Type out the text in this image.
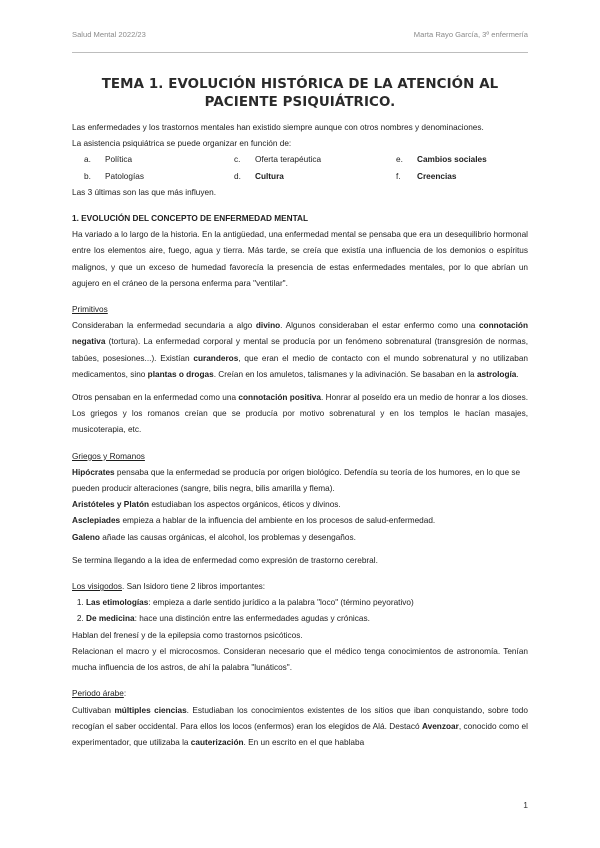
Salud Mental 2022/23	Marta Rayo García, 3º enfermería
TEMA 1. EVOLUCIÓN HISTÓRICA DE LA ATENCIÓN AL PACIENTE PSIQUIÁTRICO.

Las enfermedades y los trastornos mentales han existido siempre aunque con otros nombres y denominaciones.

La asistencia psiquiátrica se puede organizar en función de:

a. Política	c. Oferta terapéutica	e. Cambios sociales
b. Patologías	d. Cultura	f. Creencias

Las 3 últimas son las que más influyen.

1. EVOLUCIÓN DEL CONCEPTO DE ENFERMEDAD MENTAL

Ha variado a lo largo de la historia. En la antigüedad, una enfermedad mental se pensaba que era un desequilibrio hormonal entre los elementos aire, fuego, agua y tierra. Más tarde, se creía que existía una influencia de los demonios o espíritus malignos, y que un exceso de humedad favorecía la presencia de estas enfermedades mentales, por lo que abrían un agujero en el cráneo de la persona enferma para "ventilar".

Primitivos

Consideraban la enfermedad secundaria a algo divino. Algunos consideraban el estar enfermo como una connotación negativa (tortura). La enfermedad corporal y mental se producía por un fenómeno sobrenatural (transgresión de normas, tabúes, posesiones...). Existían curanderos, que eran el medio de contacto con el mundo sobrenatural y no utilizaban medicamentos, sino plantas o drogas. Creían en los amuletos, talismanes y la adivinación. Se basaban en la astrología.

Otros pensaban en la enfermedad como una connotación positiva. Honrar al poseído era un medio de honrar a los dioses. Los griegos y los romanos creían que se producía por motivo sobrenatural y en los templos le hacían masajes, musicoterapia, etc.

Griegos y Romanos

Hipócrates pensaba que la enfermedad se producía por origen biológico. Defendía su teoría de los humores, en lo que se pueden producir alteraciones (sangre, bilis negra, bilis amarilla y flema).

Aristóteles y Platón estudiaban los aspectos orgánicos, éticos y divinos.

Asclepiades empieza a hablar de la influencia del ambiente en los procesos de salud-enfermedad.

Galeno añade las causas orgánicas, el alcohol, los problemas y desengaños.

Se termina llegando a la idea de enfermedad como expresión de trastorno cerebral.

Los visigodos. San Isidoro tiene 2 libros importantes:

1. Las etimologías: empieza a darle sentido jurídico a la palabra "loco" (término peyorativo)
2. De medicina: hace una distinción entre las enfermedades agudas y crónicas.

Hablan del frenesí y de la epilepsia como trastornos psicóticos.

Relacionan el macro y el microcosmos. Consideran necesario que el médico tenga conocimientos de astronomía. Tenían mucha influencia de los astros, de ahí la palabra "lunáticos".

Periodo árabe:

Cultivaban múltiples ciencias. Estudiaban los conocimientos existentes de los sitios que iban conquistando, sobre todo recogían el saber occidental. Para ellos los locos (enfermos) eran los elegidos de Alá. Destacó Avenzoar, conocido como el experimentador, que utilizaba la cauterización. En un escrito en el que hablaba

1
